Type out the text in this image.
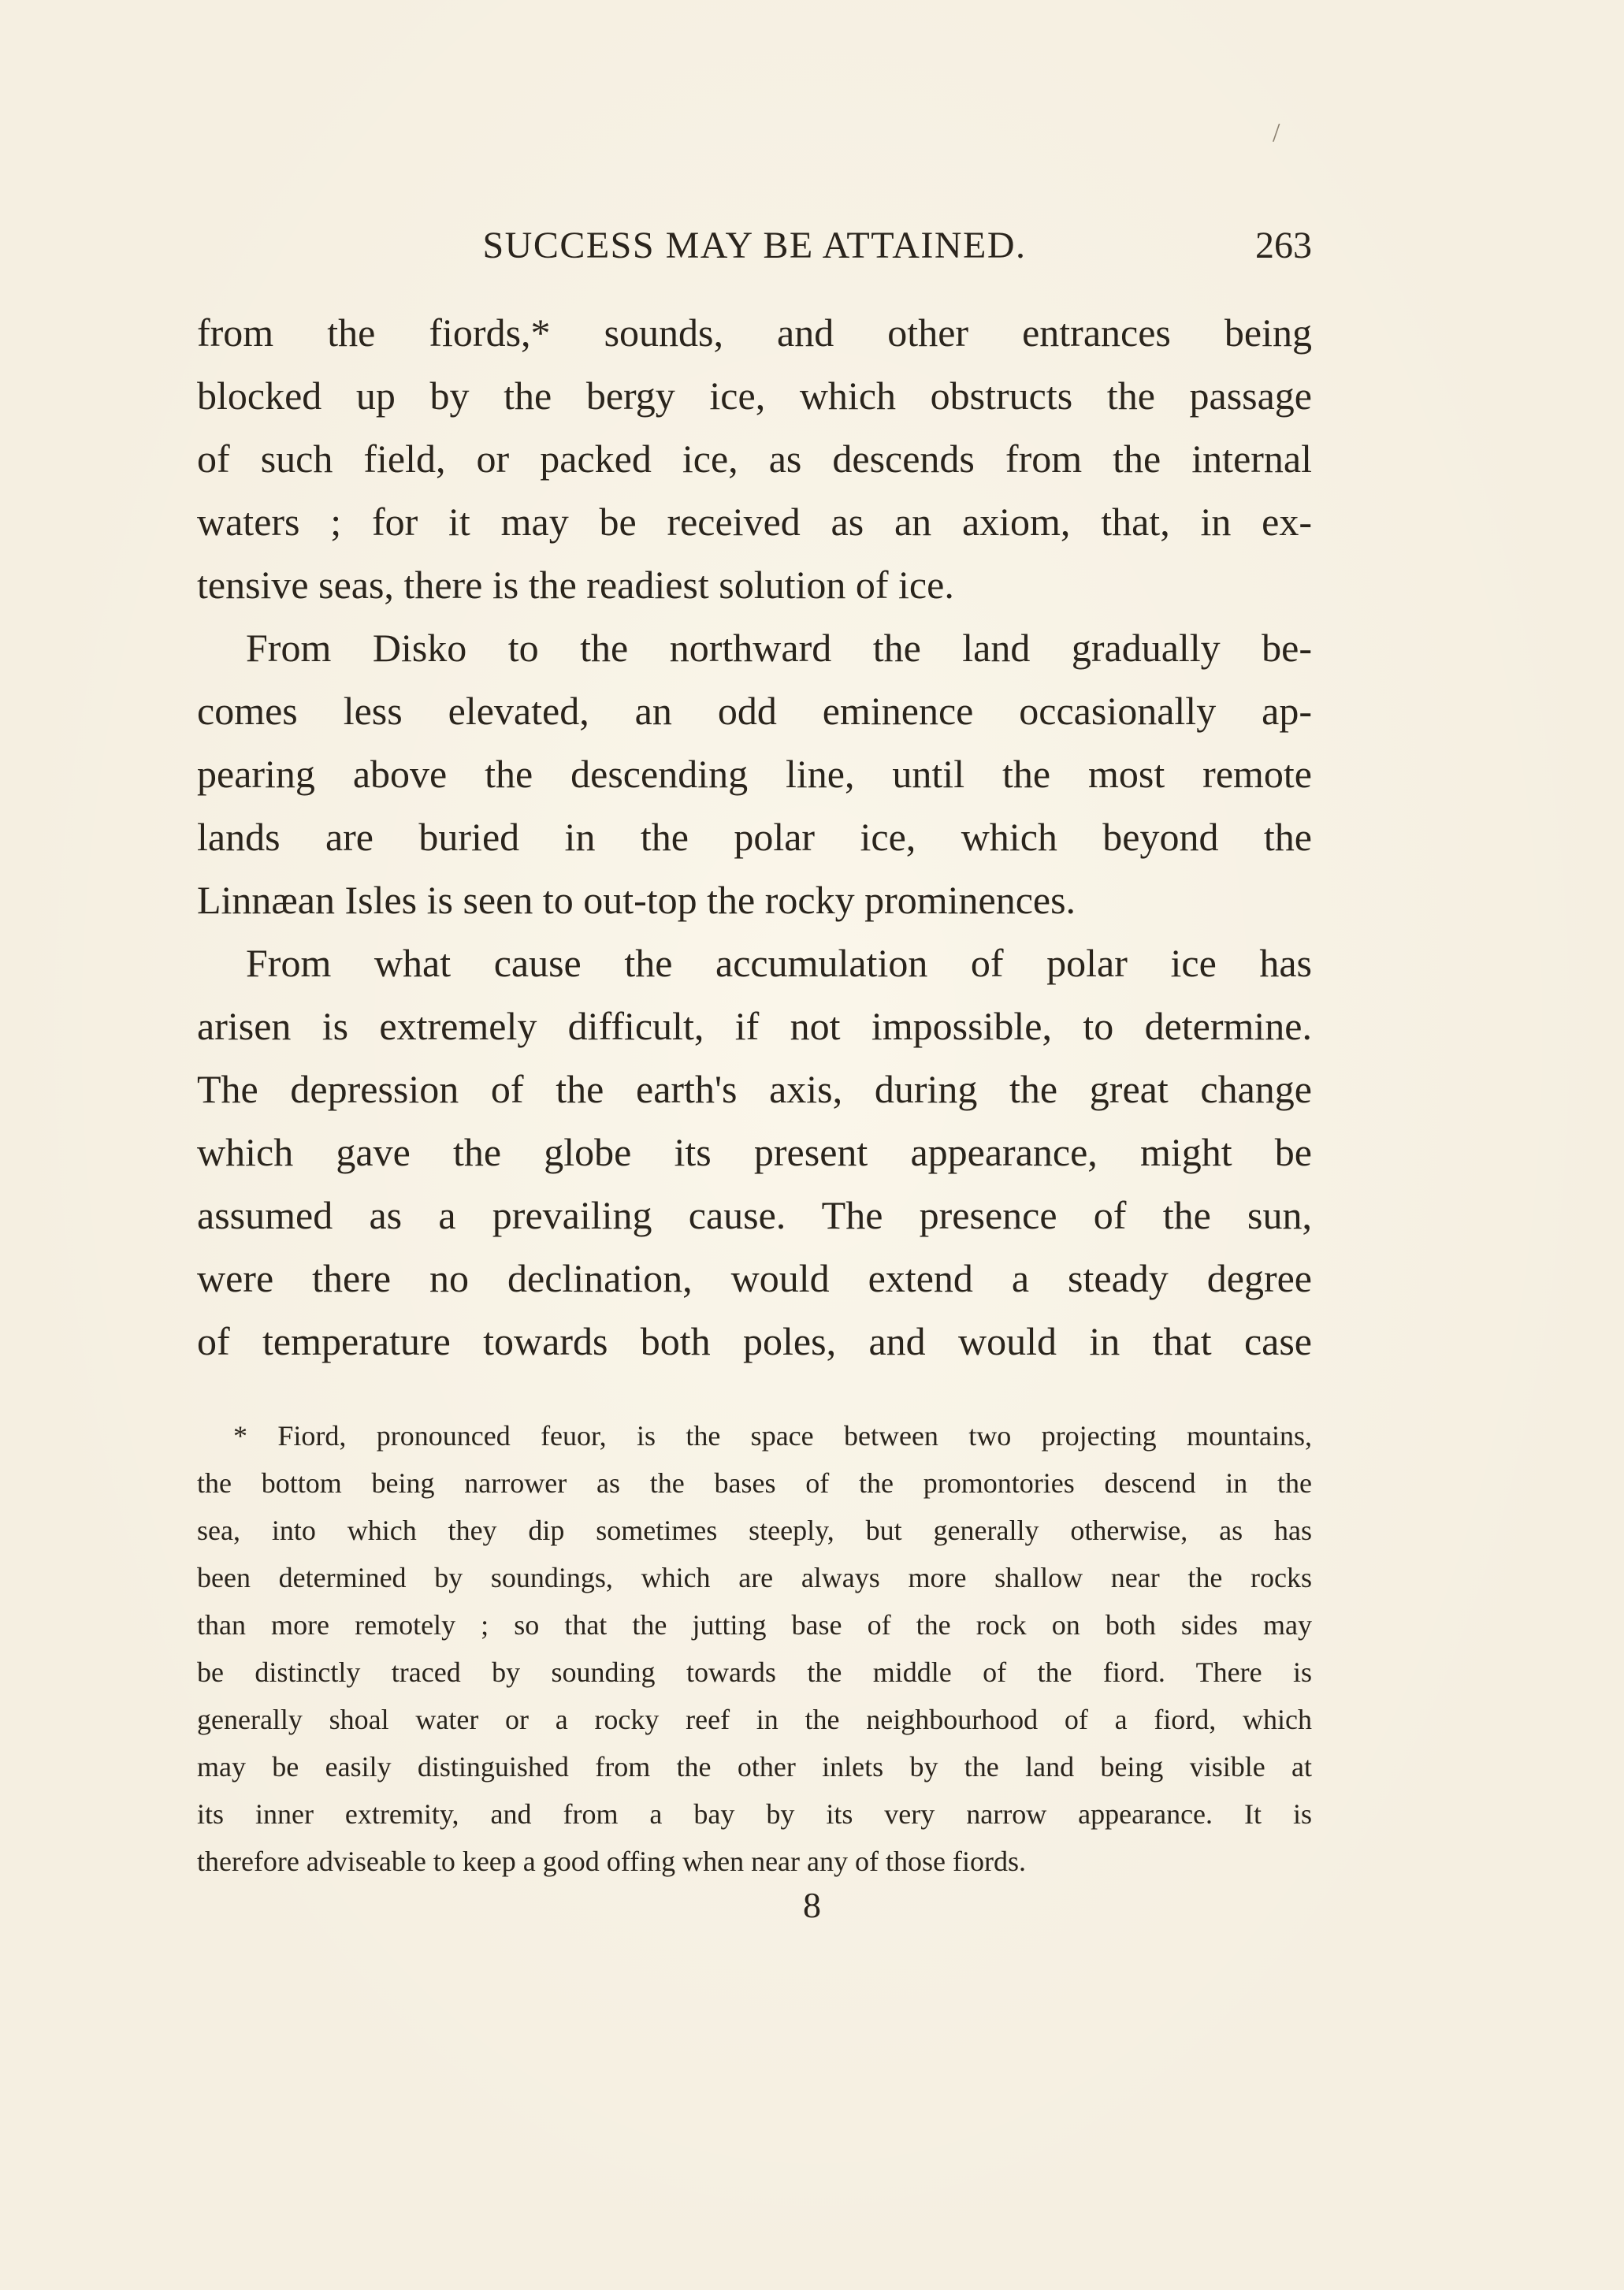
/
SUCCESS MAY BE ATTAINED.	263
from the fiords,* sounds, and other entrances being
blocked up by the bergy ice, which obstructs the passage
of such field, or packed ice, as descends from the internal
waters ; for it may be received as an axiom, that, in ex-
tensive seas, there is the readiest solution of ice.
From Disko to the northward the land gradually be-
comes less elevated, an odd eminence occasionally ap-
pearing above the descending line, until the most remote
lands are buried in the polar ice, which beyond the
Linnæan Isles is seen to out-top the rocky prominences.
From what cause the accumulation of polar ice has
arisen is extremely difficult, if not impossible, to determine.
The depression of the earth's axis, during the great change
which gave the globe its present appearance, might be
assumed as a prevailing cause. The presence of the sun,
were there no declination, would extend a steady degree
of temperature towards both poles, and would in that case
* Fiord, pronounced feuor, is the space between two projecting mountains,
the bottom being narrower as the bases of the promontories descend in the
sea, into which they dip sometimes steeply, but generally otherwise, as has
been determined by soundings, which are always more shallow near the rocks
than more remotely ; so that the jutting base of the rock on both sides may
be distinctly traced by sounding towards the middle of the fiord. There is
generally shoal water or a rocky reef in the neighbourhood of a fiord, which
may be easily distinguished from the other inlets by the land being visible at
its inner extremity, and from a bay by its very narrow appearance. It is
therefore adviseable to keep a good offing when near any of those fiords.
8
